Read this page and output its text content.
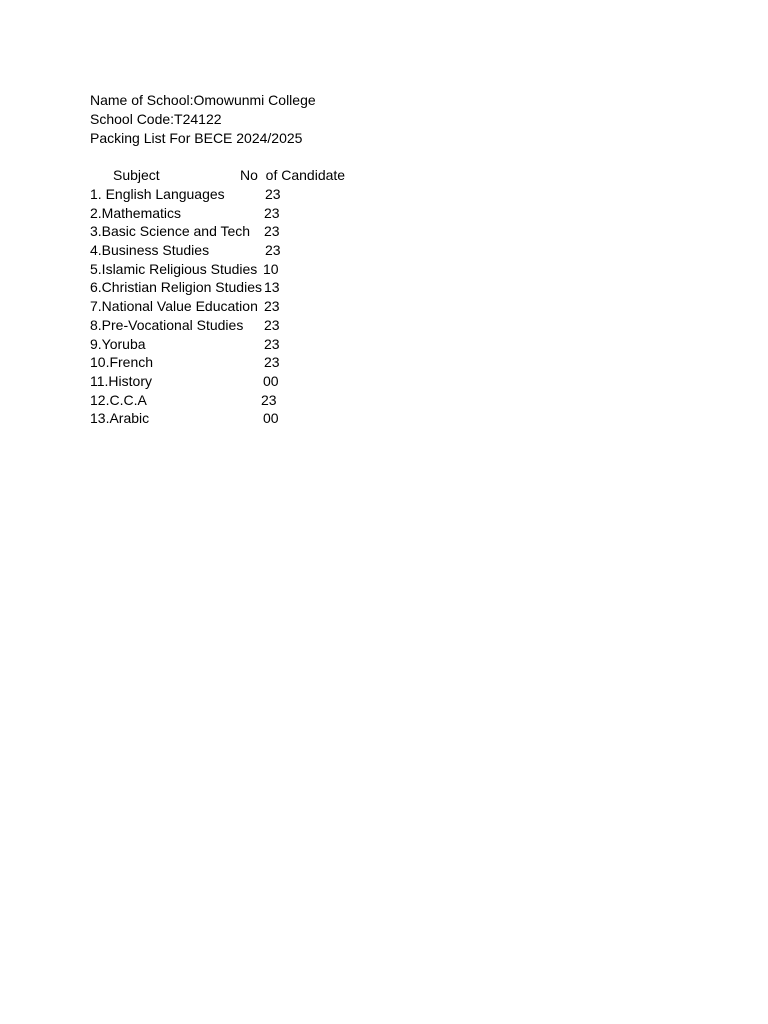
Name of School:Omowunmi College
School Code:T24122
Packing List For BECE 2024/2025
Subject	No  of Candidate
1. English Languages	23
2.Mathematics	23
3.Basic Science and Tech 23
4.Business Studies	23
5.Islamic Religious Studies 10
6.Christian Religion Studies 13
7.National Value Education 23
8.Pre-Vocational Studies 23
9.Yoruba	23
10.French	23
11.History	00
12.C.C.A	23
13.Arabic	00
